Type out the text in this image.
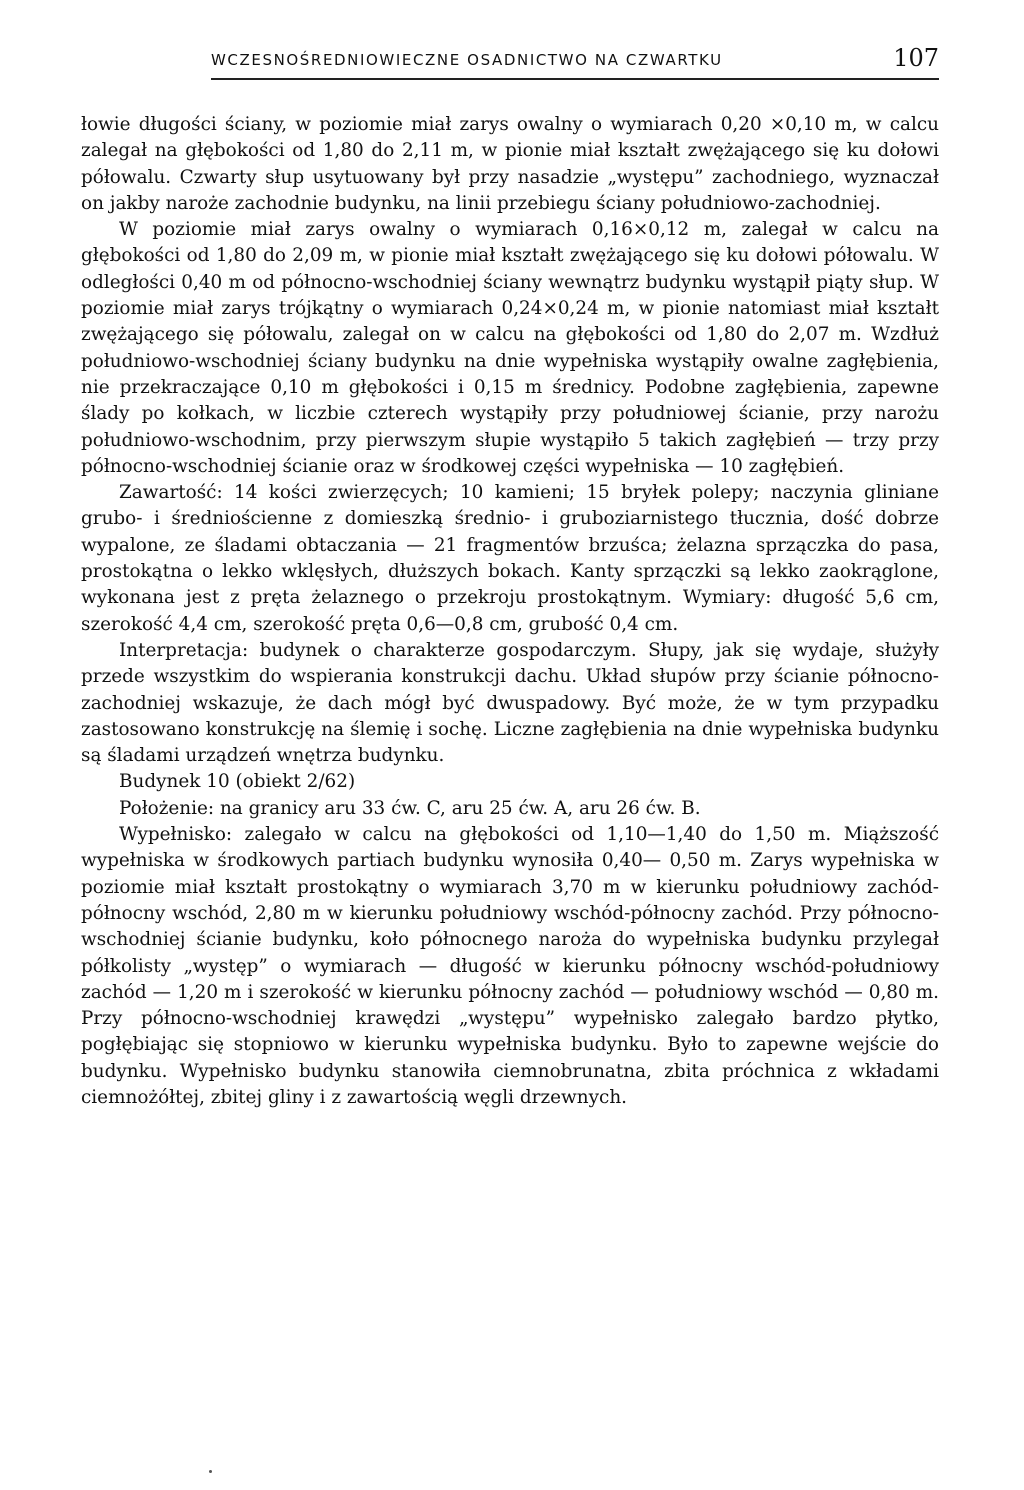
WCZESNOŚREDNIOWIECZNE OSADNICTWO NA CZWARTKU	107

łowie długości ściany, w poziomie miał zarys owalny o wymiarach 0,20 ×0,10 m, w calcu zalegał na głębokości od 1,80 do 2,11 m, w pionie miał kształt zwężającego się ku dołowi półowalu. Czwarty słup usytuowany był przy nasadzie „występu” zachodniego, wyznaczał on jakby naroże zachodnie budynku, na linii przebiegu ściany południowo-zachodniej.

W poziomie miał zarys owalny o wymiarach 0,16×0,12 m, zalegał w calcu na głębokości od 1,80 do 2,09 m, w pionie miał kształt zwężającego się ku dołowi półowalu. W odległości 0,40 m od północno-wschodniej ściany wewnątrz budynku wystąpił piąty słup. W poziomie miał zarys trójkątny o wymiarach 0,24×0,24 m, w pionie natomiast miał kształt zwężającego się półowalu, zalegał on w calcu na głębokości od 1,80 do 2,07 m. Wzdłuż południowo-wschodniej ściany budynku na dnie wypełniska wystąpiły owalne zagłębienia, nie przekraczające 0,10 m głębokości i 0,15 m średnicy. Podobne zagłębienia, zapewne ślady po kołkach, w liczbie czterech wystąpiły przy południowej ścianie, przy narożu południowo-wschodnim, przy pierwszym słupie wystąpiło 5 takich zagłębień — trzy przy północno-wschodniej ścianie oraz w środkowej części wypełniska — 10 zagłębień.

Zawartość: 14 kości zwierzęcych; 10 kamieni; 15 bryłek polepy; naczynia gliniane grubo- i średniościenne z domieszką średnio- i gruboziarnistego tłucznia, dość dobrze wypalone, ze śladami obtaczania — 21 fragmentów brzuśca; żelazna sprzączka do pasa, prostokątna o lekko wklęsłych, dłuższych bokach. Kanty sprzączki są lekko zaokrąglone, wykonana jest z pręta żelaznego o przekroju prostokątnym. Wymiary: długość 5,6 cm, szerokość 4,4 cm, szerokość pręta 0,6—0,8 cm, grubość 0,4 cm.

Interpretacja: budynek o charakterze gospodarczym. Słupy, jak się wydaje, służyły przede wszystkim do wspierania konstrukcji dachu. Układ słupów przy ścianie północno-zachodniej wskazuje, że dach mógł być dwuspadowy. Być może, że w tym przypadku zastosowano konstrukcję na ślemię i sochę. Liczne zagłębienia na dnie wypełniska budynku są śladami urządzeń wnętrza budynku.

Budynek 10 (obiekt 2/62)

Położenie: na granicy aru 33 ćw. C, aru 25 ćw. A, aru 26 ćw. B.

Wypełnisko: zalegało w calcu na głębokości od 1,10—1,40 do 1,50 m. Miąższość wypełniska w środkowych partiach budynku wynosiła 0,40— 0,50 m. Zarys wypełniska w poziomie miał kształt prostokątny o wymiarach 3,70 m w kierunku południowy zachód-północny wschód, 2,80 m w kierunku południowy wschód-północny zachód. Przy północno-wschodniej ścianie budynku, koło północnego naroża do wypełniska budynku przylegał półkolisty „występ” o wymiarach — długość w kierunku północny wschód-południowy zachód — 1,20 m i szerokość w kierunku północny zachód — południowy wschód — 0,80 m. Przy północno-wschodniej krawędzi „występu” wypełnisko zalegało bardzo płytko, pogłębiając się stopniowo w kierunku wypełniska budynku. Było to zapewne wejście do budynku. Wypełnisko budynku stanowiła ciemnobrunatna, zbita próchnica z wkładami ciemnożółtej, zbitej gliny i z zawartością węgli drzewnych.
